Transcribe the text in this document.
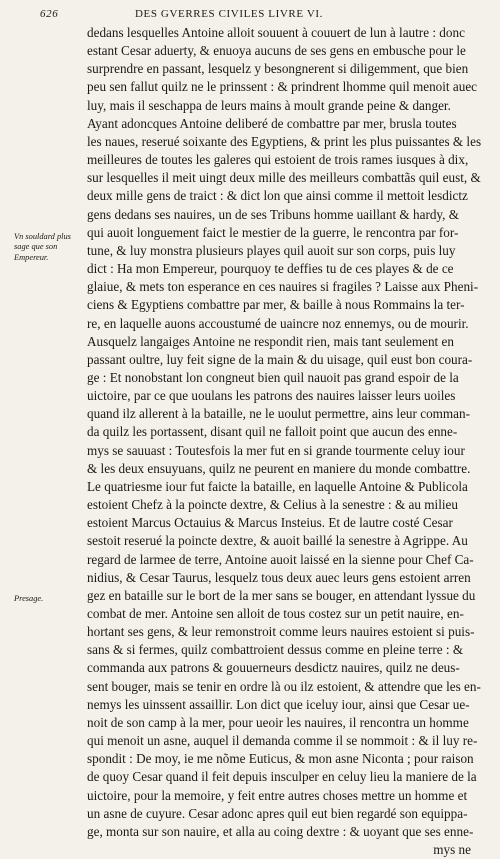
626	DES GVERRES CIVILES LIVRE VI.
Vn souldard plus sage que son Empereur.
Presage.
dedans lesquelles Antoine alloit souuent à couuert de lun à lautre : donc
estant Cesar aduerty, & enuoya aucuns de ses gens en embusche pour le
surprendre en passant, lesquelz y besongnerent si diligemment, que bien
peu sen fallut quilz ne le prinssent : & prindrent lhomme quil menoit auec
luy, mais il seschappa de leurs mains à moult grande peine & danger.
Ayant adoncques Antoine deliberé de combattre par mer, brusla toutes
les naues, reserué soixante des Egyptiens, & print les plus puissantes & les
meilleures de toutes les galeres qui estoient de trois rames iusques à dix,
sur lesquelles il meit uingt deux mille des meilleurs combattãs quil eust, &
deux mille gens de traict : & dict lon que ainsi comme il mettoit lesdictz
gens dedans ses nauires, un de ses Tribuns homme uaillant & hardy, &
qui auoit longuement faict le mestier de la guerre, le rencontra par for-
tune, & luy monstra plusieurs playes quil auoit sur son corps, puis luy
dict : Ha mon Empereur, pourquoy te deffies tu de ces playes & de ce
glaiue, & mets ton esperance en ces nauires si fragiles ? Laisse aux Pheni-
ciens & Egyptiens combattre par mer, & baille à nous Rommains la ter-
re, en laquelle auons accoustumé de uaincre noz ennemys, ou de mourir.
Ausquelz langaiges Antoine ne respondit rien, mais tant seulement en
passant oultre, luy feit signe de la main & du uisage, quil eust bon coura-
ge : Et nonobstant lon congneut bien quil nauoit pas grand espoir de la
uictoire, par ce que uoulans les patrons des nauires laisser leurs uoiles
quand ilz allerent à la bataille, ne le uoulut permettre, ains leur comman-
da quilz les portassent, disant quil ne falloit point que aucun des enne-
mys se sauuast : Toutesfois la mer fut en si grande tourmente celuy iour
& les deux ensuyuans, quilz ne peurent en maniere du monde combattre.
Le quatriesme iour fut faicte la bataille, en laquelle Antoine & Publicola
estoient Chefz à la poincte dextre, & Celius à la senestre : & au milieu
estoient Marcus Octauius & Marcus Insteius. Et de lautre costé Cesar
sestoit reserué la poincte dextre, & auoit baillé la senestre à Agrippe. Au
regard de larmee de terre, Antoine auoit laissé en la sienne pour Chef Ca-
nidius, & Cesar Taurus, lesquelz tous deux auec leurs gens estoient arren
gez en bataille sur le bort de la mer sans se bouger, en attendant lyssue du
combat de mer. Antoine sen alloit de tous costez sur un petit nauire, en-
hortant ses gens, & leur remonstroit comme leurs nauires estoient si puis-
sans & si fermes, quilz combattroient dessus comme en pleine terre : &
commanda aux patrons & gouuerneurs desdictz nauires, quilz ne deus-
sent bouger, mais se tenir en ordre là ou ilz estoient, & attendre que les en-
nemys les uinssent assaillir. Lon dict que iceluy iour, ainsi que Cesar ue-
noit de son camp à la mer, pour ueoir les nauires, il rencontra un homme
qui menoit un asne, auquel il demanda comme il se nommoit : & il luy re-
spondit : De moy, ie me nõme Euticus, & mon asne Niconta ; pour raison
de quoy Cesar quand il feit depuis insculper en celuy lieu la maniere de la
uictoire, pour la memoire, y feit entre autres choses mettre un homme et
un asne de cuyure. Cesar adonc apres quil eut bien regardé son equippa-
ge, monta sur son nauire, et alla au coing dextre : & uoyant que ses enne-
mys ne
